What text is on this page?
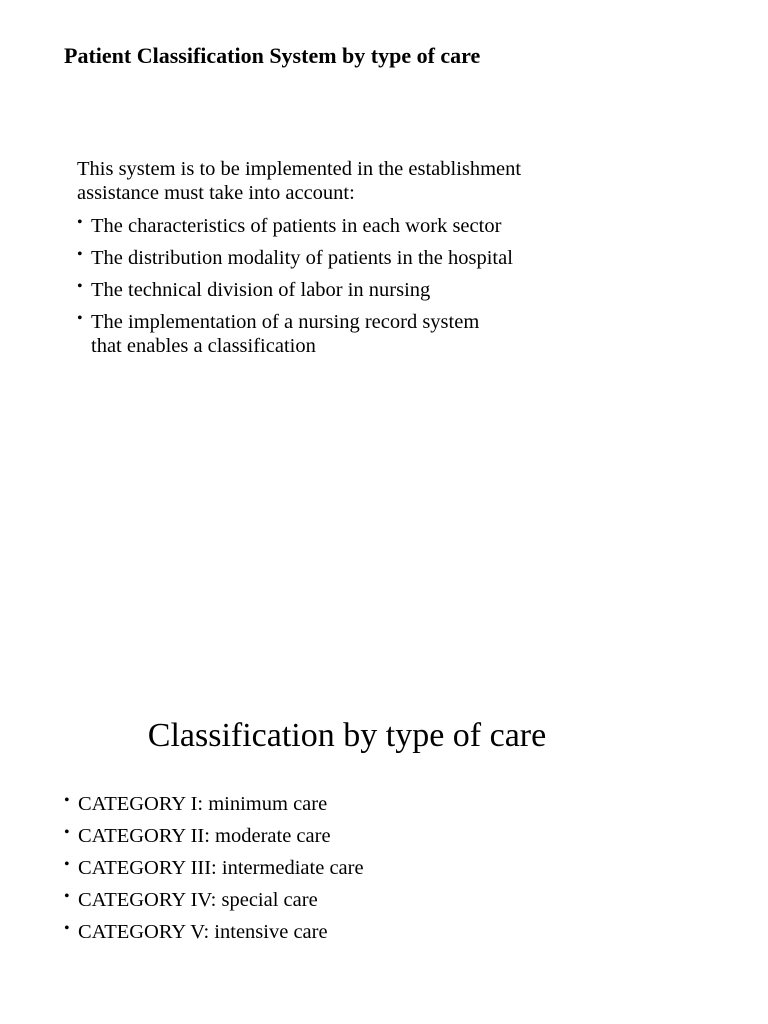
Patient Classification System by type of care

This system is to be implemented in the establishment assistance must take into account:

• The characteristics of patients in each work sector
• The distribution modality of patients in the hospital
• The technical division of labor in nursing
• The implementation of a nursing record system that enables a classification
Classification by type of care
• CATEGORY I: minimum care
• CATEGORY II: moderate care
• CATEGORY III: intermediate care
• CATEGORY IV: special care
• CATEGORY V: intensive care
